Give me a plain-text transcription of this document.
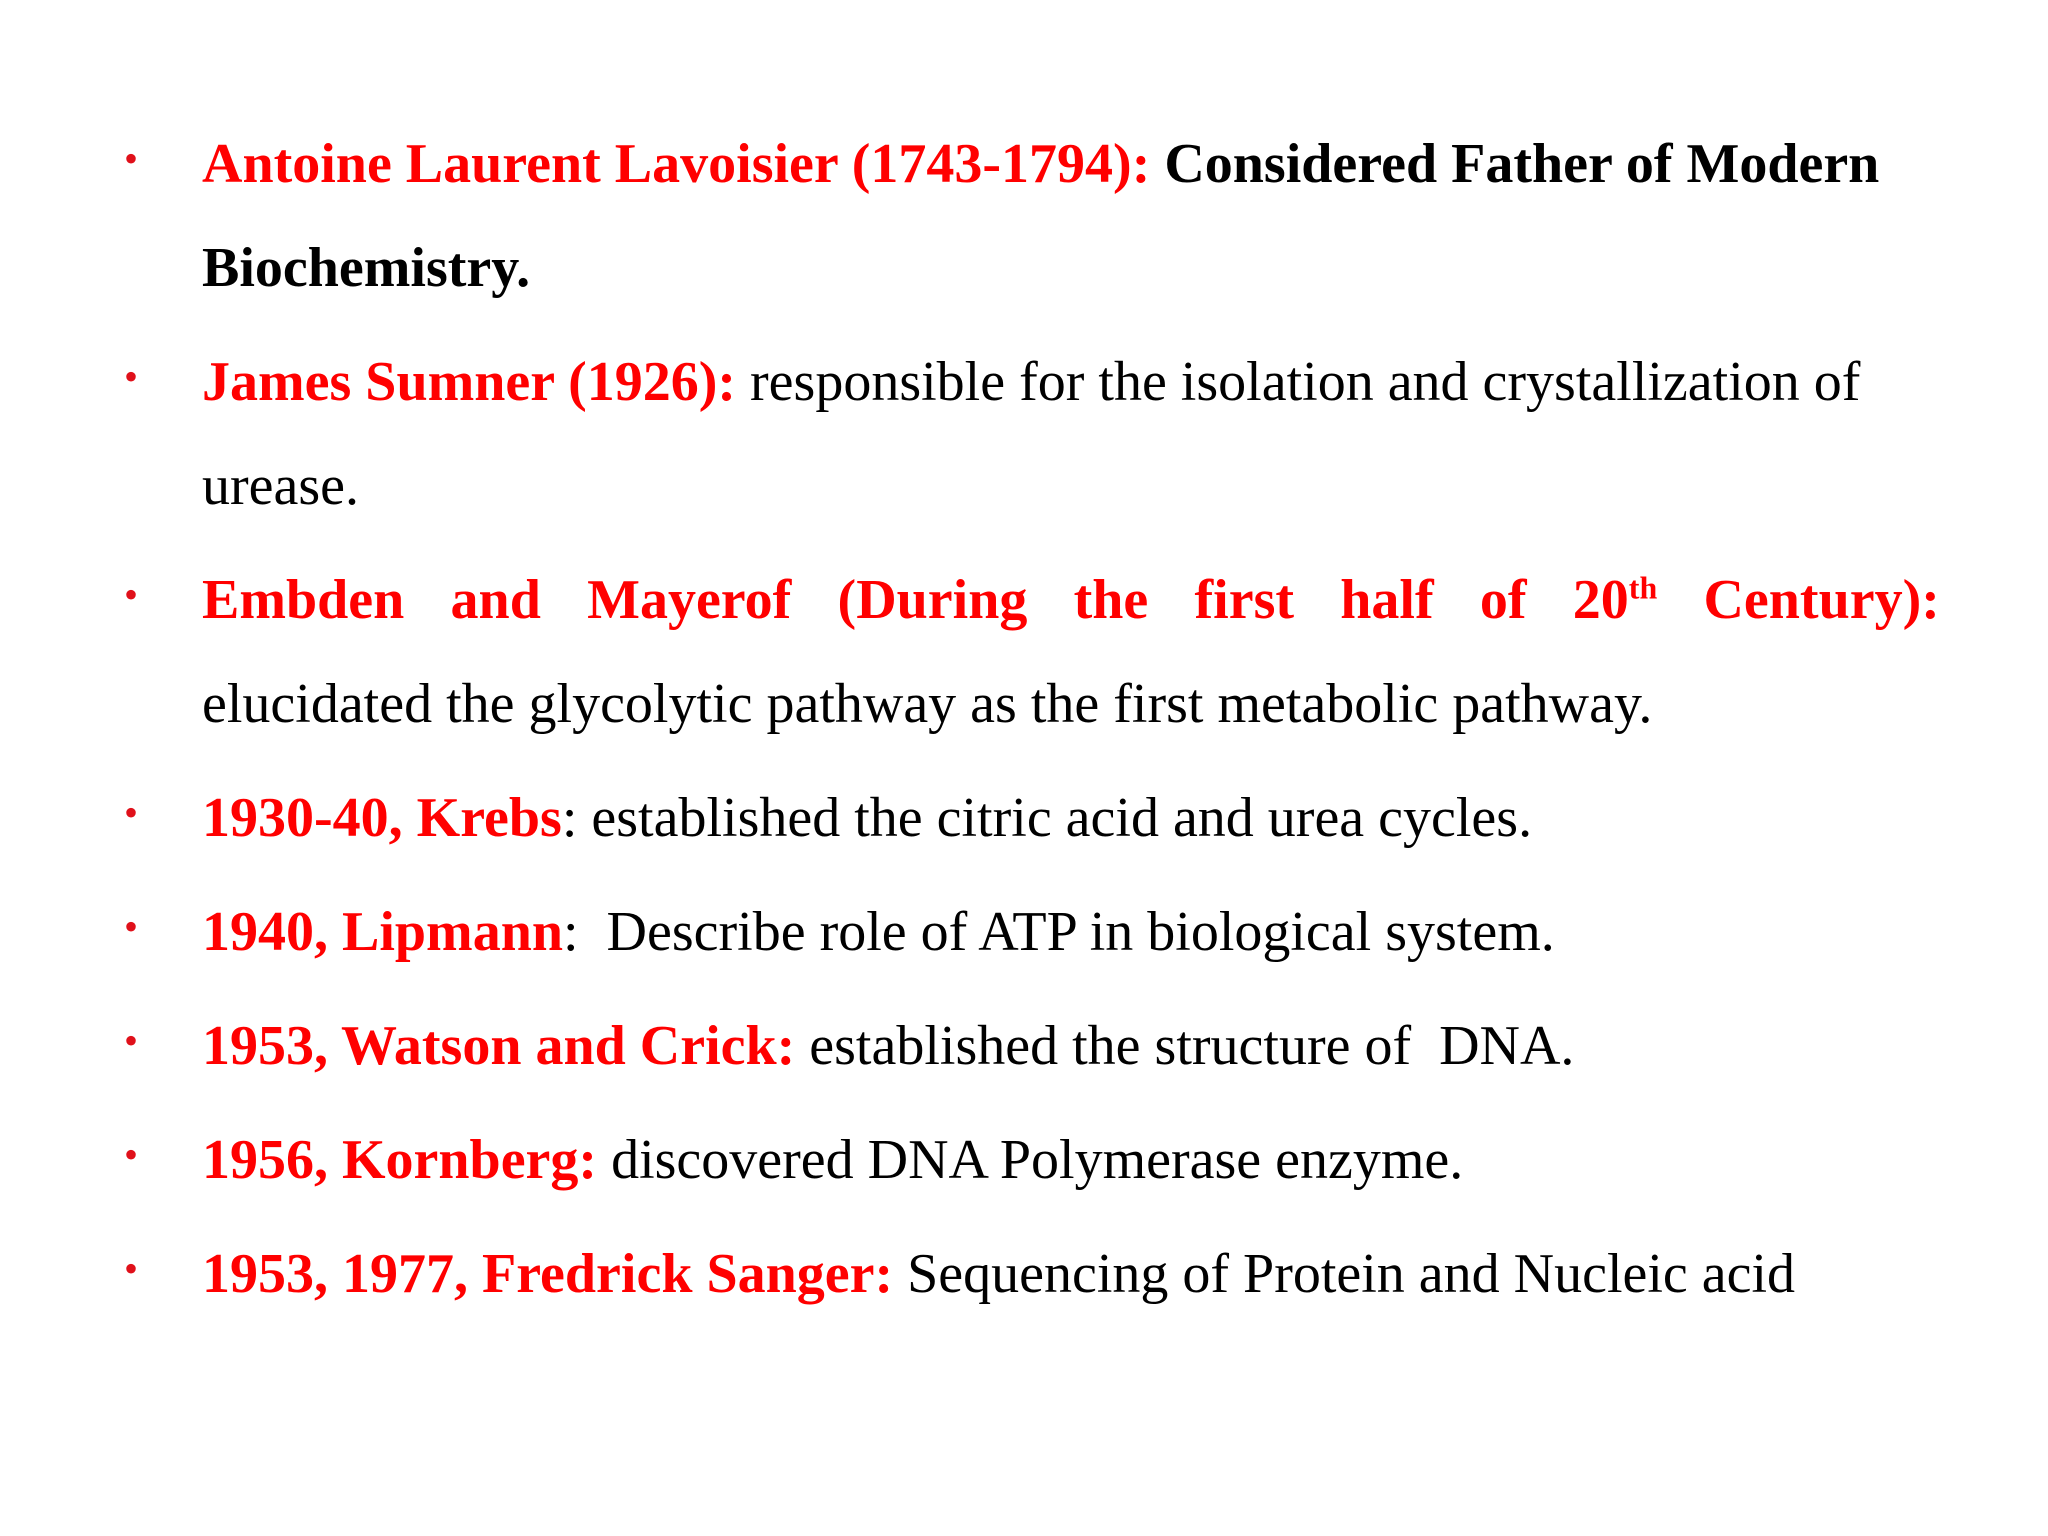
• Antoine Laurent Lavoisier (1743-1794): Considered Father of Modern Biochemistry.
• James Sumner (1926): responsible for the isolation and crystallization of urease.
• Embden and Mayerof (During the first half of 20th Century):
elucidated the glycolytic pathway as the first metabolic pathway.
• 1930-40, Krebs: established the citric acid and urea cycles.
• 1940, Lipmann:  Describe role of ATP in biological system.
• 1953, Watson and Crick: established the structure of  DNA.
• 1956, Kornberg: discovered DNA Polymerase enzyme.
• 1953, 1977, Fredrick Sanger: Sequencing of Protein and Nucleic acid
